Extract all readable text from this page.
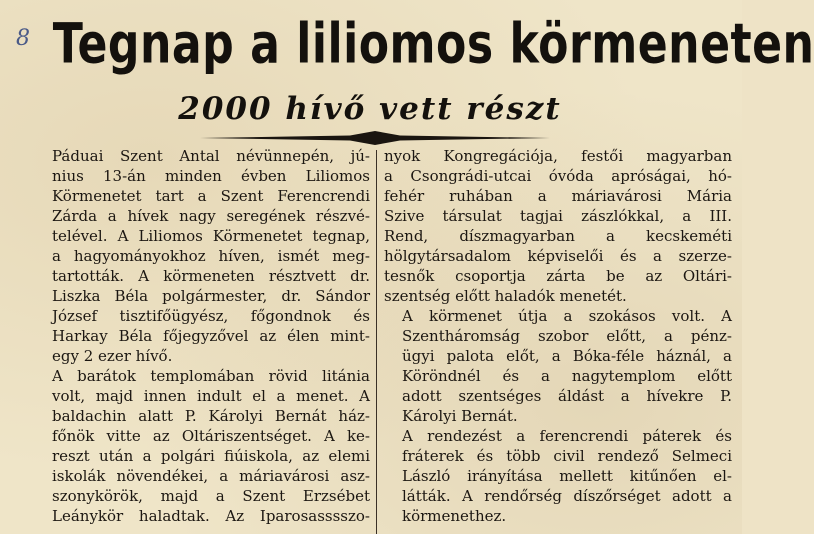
8 Tegnap a liliomos körmeneten
2000 hívő vett részt

Páduai Szent Antal névünnepén, jú-
nius 13-án minden évben Liliomos
Körmenetet tart a Szent Ferencrendi
Zárda a hívek nagy seregének részvé-
telével. A Liliomos Körmenetet tegnap,
a hagyományokhoz híven, ismét meg-
tartották. A körmeneten résztvett dr.
Liszka Béla polgármester, dr. Sándor
József tisztifőügyész, főgondnok és
Harkay Béla főjegyzővel az élen mint-
egy 2 ezer hívő.

A barátok templomában rövid litánia
volt, majd innen indult el a menet. A
baldachin alatt P. Károlyi Bernát ház-
főnök vitte az Oltáriszentséget. A ke-
reszt után a polgári fiúiskola, az elemi
iskolák növendékei, a máriavárosi asz-
szonykörök, majd a Szent Erzsébet
Leánykör haladtak. Az Iparosasssszo-

nyok Kongregációja, festői magyarban
a Csongrádi-utcai óvóda apróságai, hó-
fehér ruhában a máriavárosi Mária
Szive társulat tagjai zászlókkal, a III.
Rend, díszmagyarban a kecskeméti
hölgytársadalom képviselői és a szerze-
tesnők csoportja zárta be az Oltári-
szentség előtt haladók menetét.

A körmenet útja a szokásos volt. A
Szentháromság szobor előtt, a pénz-
ügyi palota előt, a Bóka-féle háznál, a
Köröndnél és a nagytemplom előtt
adott szentséges áldást a hívekre P.
Károlyi Bernát.

A rendezést a ferencrendi páterek és
fráterek és több civil rendező Selmeci
László irányítása mellett kitűnően el-
látták. A rendőrség díszőrséget adott a
körmenethez.
